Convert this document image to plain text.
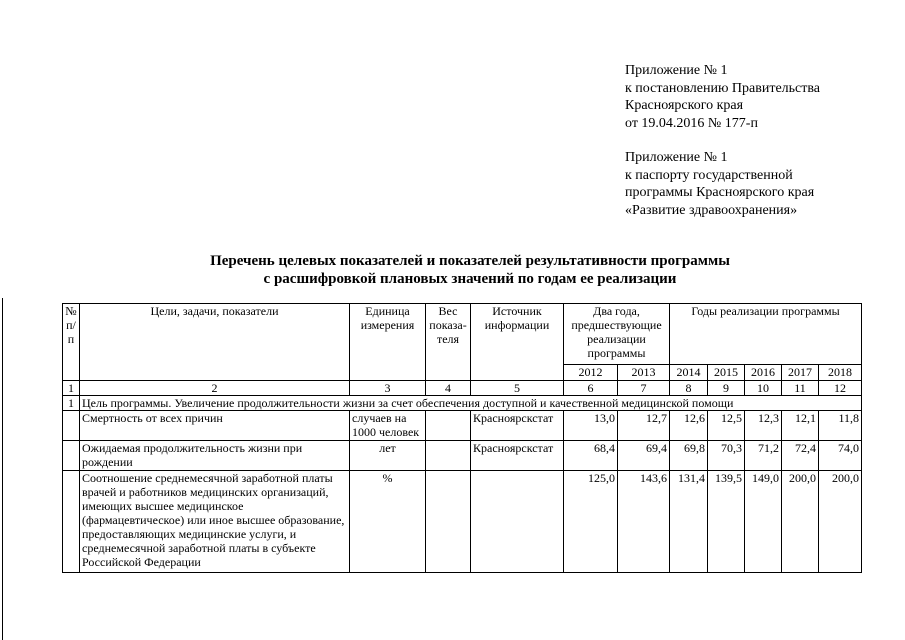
Приложение № 1
к постановлению Правительства
Красноярского края
от 19.04.2016 № 177-п
Приложение № 1
к паспорту государственной
программы Красноярского края
«Развитие здравоохранения»
Перечень целевых показателей и показателей результативности программы
с расшифровкой плановых значений по годам ее реализации
№ п/п	Цели, задачи, показатели	Единица измерения	Вес показа-теля	Источник информации	Два года, предшествующие реализации программы		Годы реализации программы				
					2012	2013	2014	2015	2016	2017	2018
1	2	3	4	5	6	7	8	9	10	11	12
1	Цель программы. Увеличение продолжительности жизни за счет обеспечения доступной и качественной медицинской помощи										
	Смертность от всех причин	случаев на 1000 человек		Красноярскстат	13,0	12,7	12,6	12,5	12,3	12,1	11,8
	Ожидаемая продолжительность жизни при рождении	лет		Красноярскстат	68,4	69,4	69,8	70,3	71,2	72,4	74,0
	Соотношение среднемесячной заработной платы врачей и работников медицинских организаций, имеющих высшее медицинское (фармацевтическое) или иное высшее образование, предоставляющих медицинские услуги, и среднемесячной заработной платы в субъекте Российской Федерации	%			125,0	143,6	131,4	139,5	149,0	200,0	200,0
